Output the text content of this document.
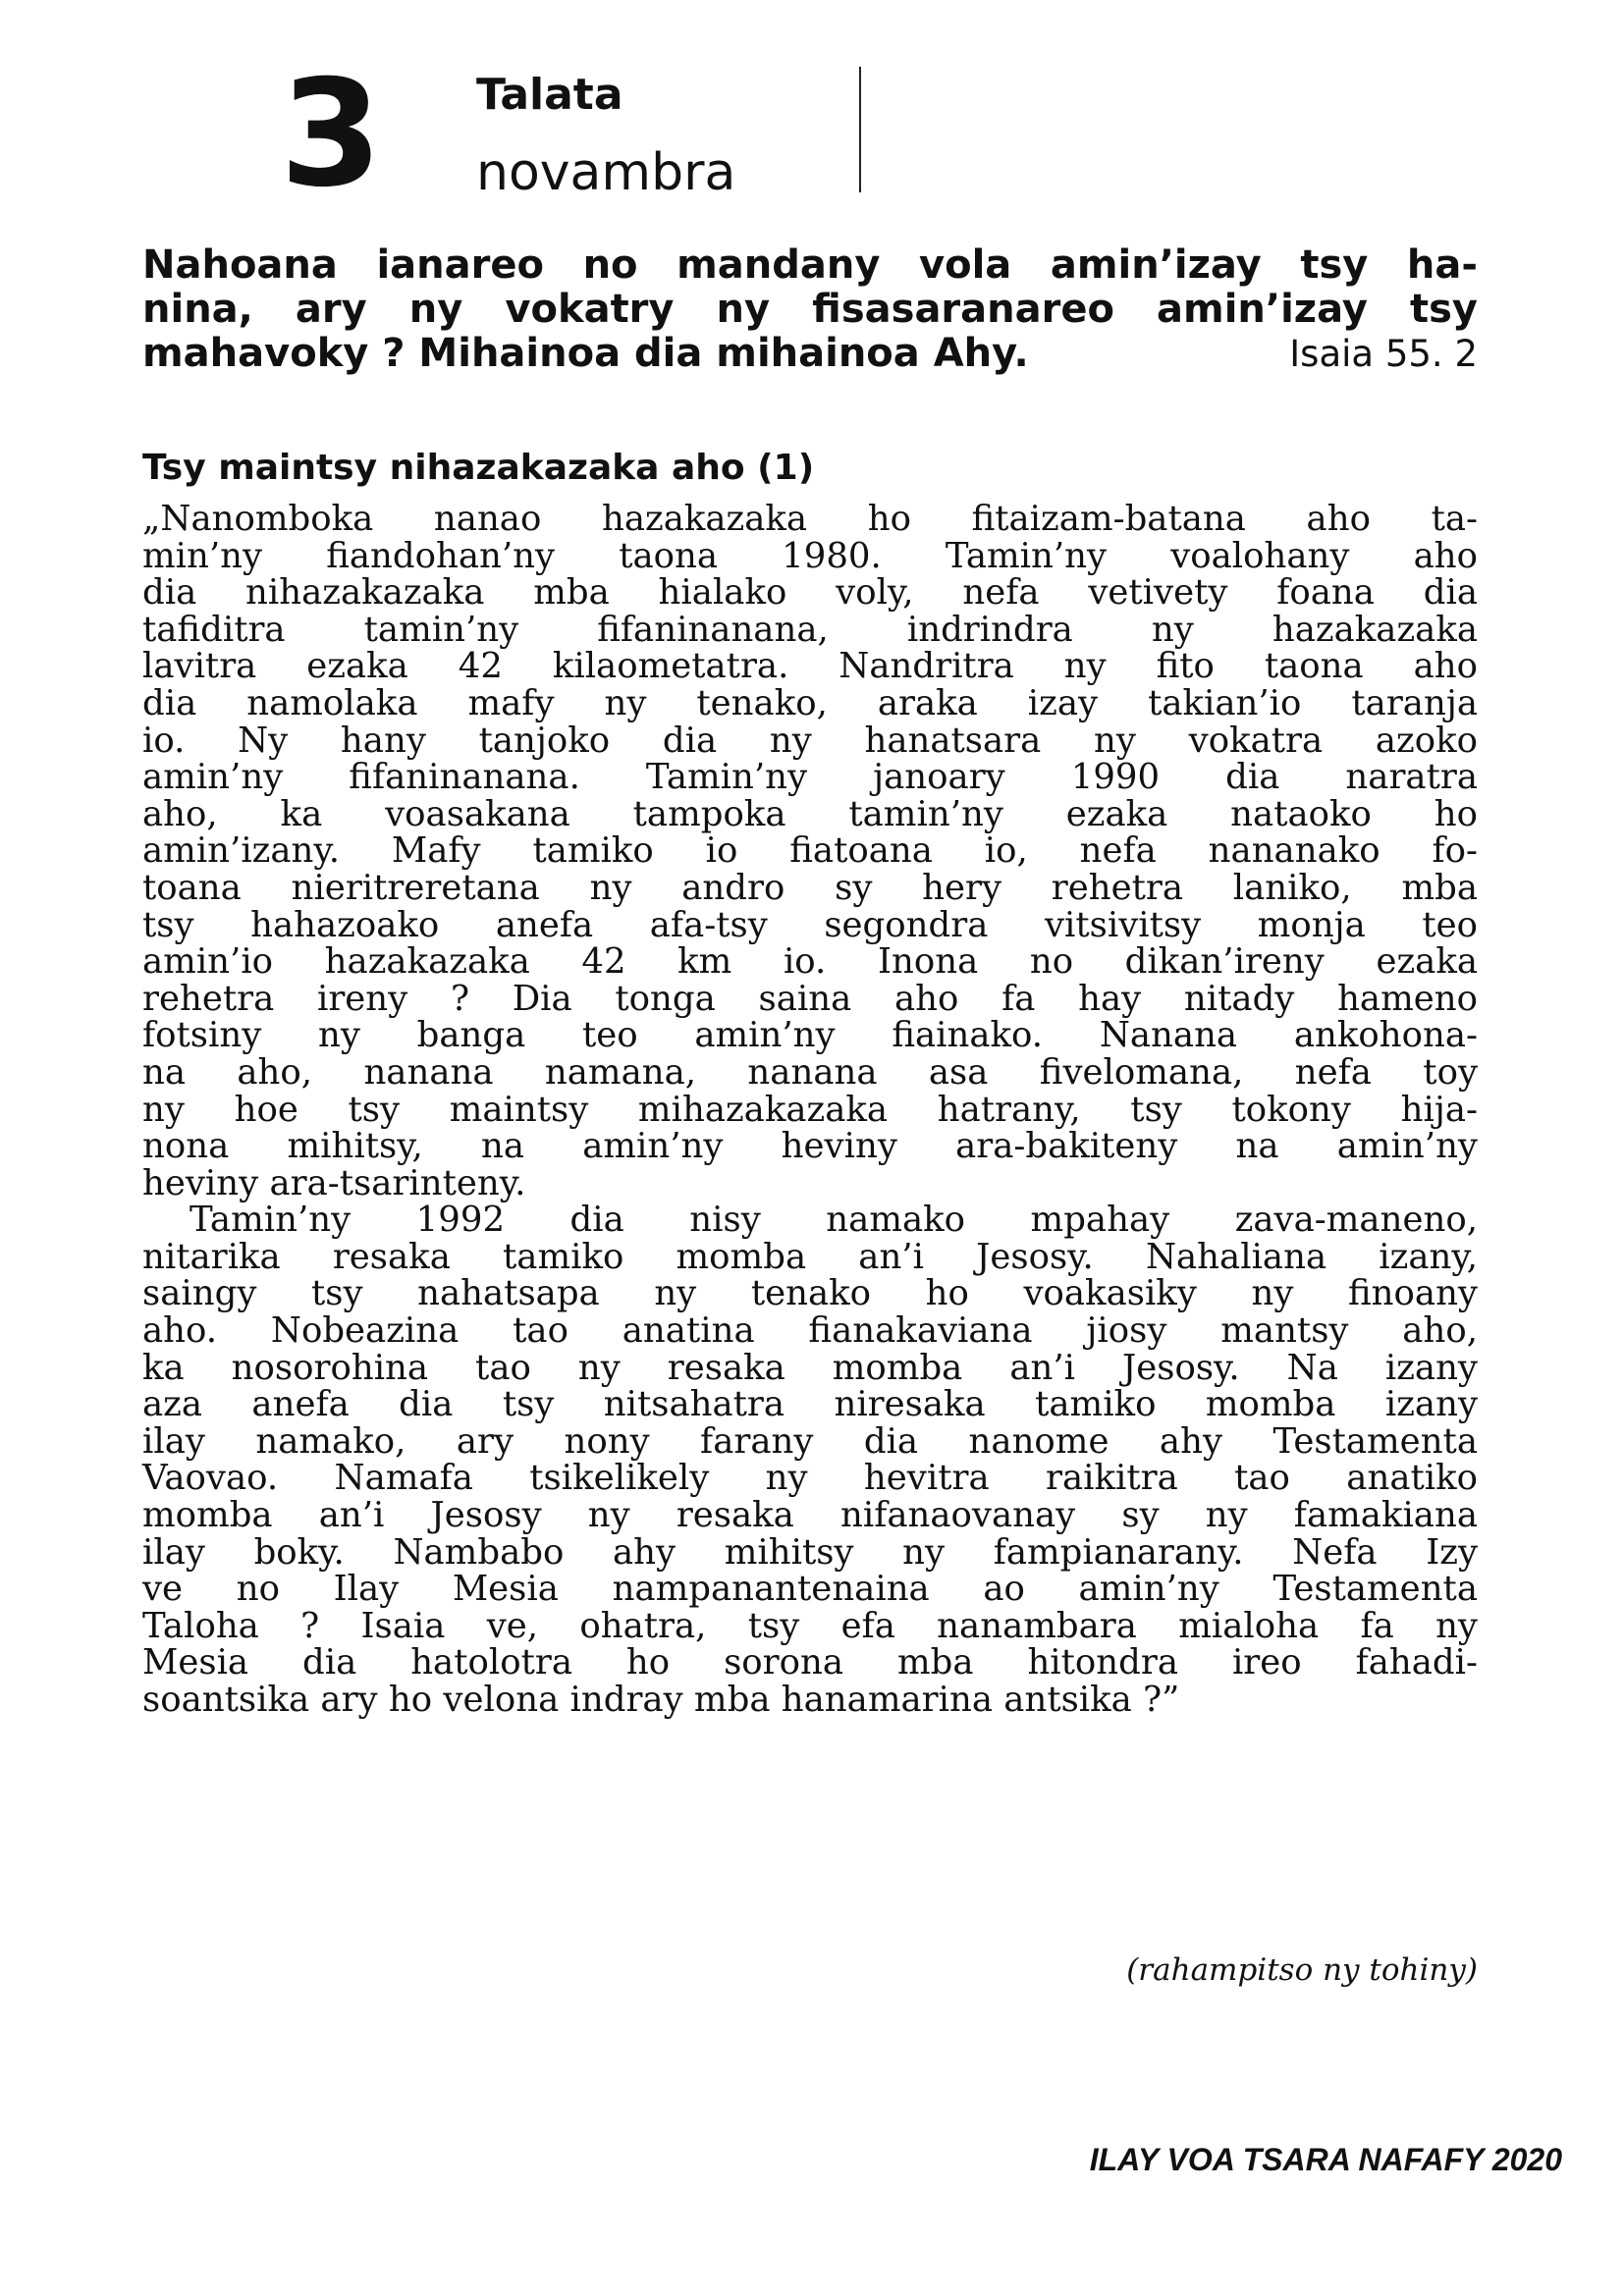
3 Talata
novambra
Nahoana ianareo no mandany vola amin’izay tsy ha-
nina, ary ny vokatry ny fisasaranareo amin’izay tsy
mahavoky ? Mihainoa dia mihainoa Ahy.	Isaia 55. 2
Tsy maintsy nihazakazaka aho (1)
„Nanomboka nanao hazakazaka ho fitaizam-batana aho ta-
min’ny fiandohan’ny taona 1980. Tamin’ny voalohany aho
dia nihazakazaka mba hialako voly, nefa vetivety foana dia
tafiditra tamin’ny fifaninanana, indrindra ny hazakazaka
lavitra ezaka 42 kilaometatra. Nandritra ny fito taona aho
dia namolaka mafy ny tenako, araka izay takian’io taranja
io. Ny hany tanjoko dia ny hanatsara ny vokatra azoko
amin’ny fifaninanana. Tamin’ny janoary 1990 dia naratra
aho, ka voasakana tampoka tamin’ny ezaka nataoko ho
amin’izany. Mafy tamiko io fiatoana io, nefa nananako fo-
toana nieritreretana ny andro sy hery rehetra laniko, mba
tsy hahazoako anefa afa-tsy segondra vitsivitsy monja teo
amin’io hazakazaka 42 km io. Inona no dikan’ireny ezaka
rehetra ireny ? Dia tonga saina aho fa hay nitady hameno
fotsiny ny banga teo amin’ny fiainako. Nanana ankohona-
na aho, nanana namana, nanana asa fivelomana, nefa toy
ny hoe tsy maintsy mihazakazaka hatrany, tsy tokony hija-
nona mihitsy, na amin’ny heviny ara-bakiteny na amin’ny
heviny ara-tsarinteny.
Tamin’ny 1992 dia nisy namako mpahay zava-maneno,
nitarika resaka tamiko momba an’i Jesosy. Nahaliana izany,
saingy tsy nahatsapa ny tenako ho voakasiky ny finoany
aho. Nobeazina tao anatina fianakaviana jiosy mantsy aho,
ka nosorohina tao ny resaka momba an’i Jesosy. Na izany
aza anefa dia tsy nitsahatra niresaka tamiko momba izany
ilay namako, ary nony farany dia nanome ahy Testamenta
Vaovao. Namafa tsikelikely ny hevitra raikitra tao anatiko
momba an’i Jesosy ny resaka nifanaovanay sy ny famakiana
ilay boky. Nambabo ahy mihitsy ny fampianarany. Nefa Izy
ve no Ilay Mesia nampanantenaina ao amin’ny Testamenta
Taloha ? Isaia ve, ohatra, tsy efa nanambara mialoha fa ny
Mesia dia hatolotra ho sorona mba hitondra ireo fahadi-
soantsika ary ho velona indray mba hanamarina antsika ?”
(rahampitso ny tohiny)
ILAY VOA TSARA NAFAFY 2020
